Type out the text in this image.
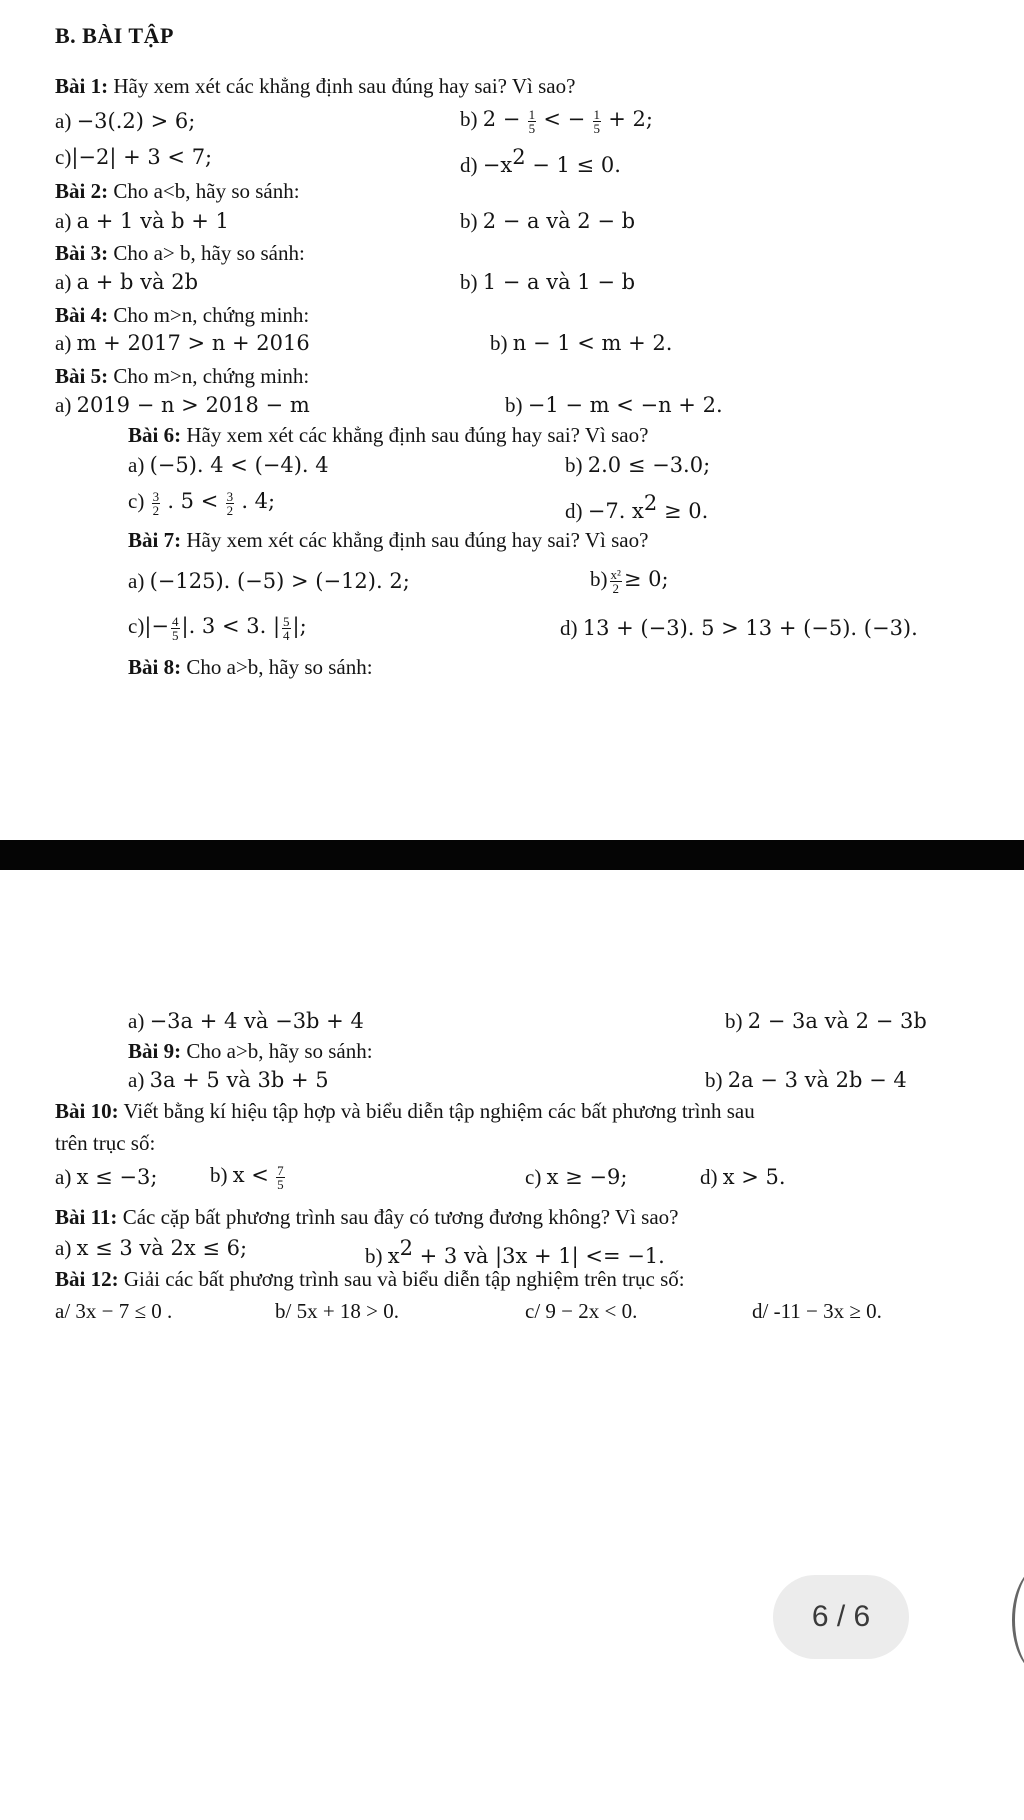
B. BÀI TẬP
Bài 1: Hãy xem xét các khẳng định sau đúng hay sai? Vì sao?
a) −3(.2) > 6;	b) $2 - \frac{1}{5}$ < − $\frac{1}{5} + 2$;
c)|−2| + 3 < 7;	$d) -x^2 - 1 \le 0$.
Bài 2: Cho a<b, hãy so sánh:
a) a + 1 và b + 1	b) 2 − a và 2 − b
Bài 3: Cho a> b, hãy so sánh:
a) a + b và 2b	b) 1 − a và 1 − b
Bài 4: Cho m>n, chứng minh:
a) m + 2017 > n + 2016	b) n − 1 < m + 2.
Bài 5: Cho m>n, chứng minh:
a) 2019 − n > 2018 − m	b) −1 − m < −n + 2.
Bài 6: Hãy xem xét các khẳng định sau đúng hay sai? Vì sao?
a) (−5). 4 < (−4). 4	b) 2.0 ≤ −3.0;
$c) \frac{3}{2}$ . $5 < \frac{3}{2}$ . 4;	d) −7. $x^2 \ge 0$.
Bài 7: Hãy xem xét các khẳng định sau đúng hay sai? Vì sao?
a) (−125). (−5) > (−12). 2;	$b) \frac{\text{x²}}{2} \ge 0$;
$c)|- \frac{4}{5}$ |. 3 < 3. | $\frac{5}{4}$ |;	d) 13 + (−3). 5 > 13 + (−5). (−3).
Bài 8: Cho a>b, hãy so sánh:
a) −3a + 4 và −3b + 4	b) 2 − 3a và 2 − 3b
Bài 9: Cho a>b, hãy so sánh:
a) 3a + 5 và 3b + 5	b) 2a − 3 và 2b − 4
Bài 10: Viết bằng kí hiệu tập hợp và biểu diễn tập nghiệm các bất phương trình sau
trên trục số:
a) x ≤ −3;	b) $x < \frac{7}{5}$	c) x ≥ −9;	d) x > 5.
Bài 11: Các cặp bất phương trình sau đây có tương đương không? Vì sao?
a) x ≤ 3 và 2x ≤ 6;	b) $x^2 + 3$ và |3x + 1| <= −1.
Bài 12: Giải các bất phương trình sau và biểu diễn tập nghiệm trên trục số:
a/ 3x − 7 ≤ 0 .	b/ 5x + 18 > 0.	c/ 9 − 2x < 0.	d/ -11 − 3x ≥ 0.
6 / 6
